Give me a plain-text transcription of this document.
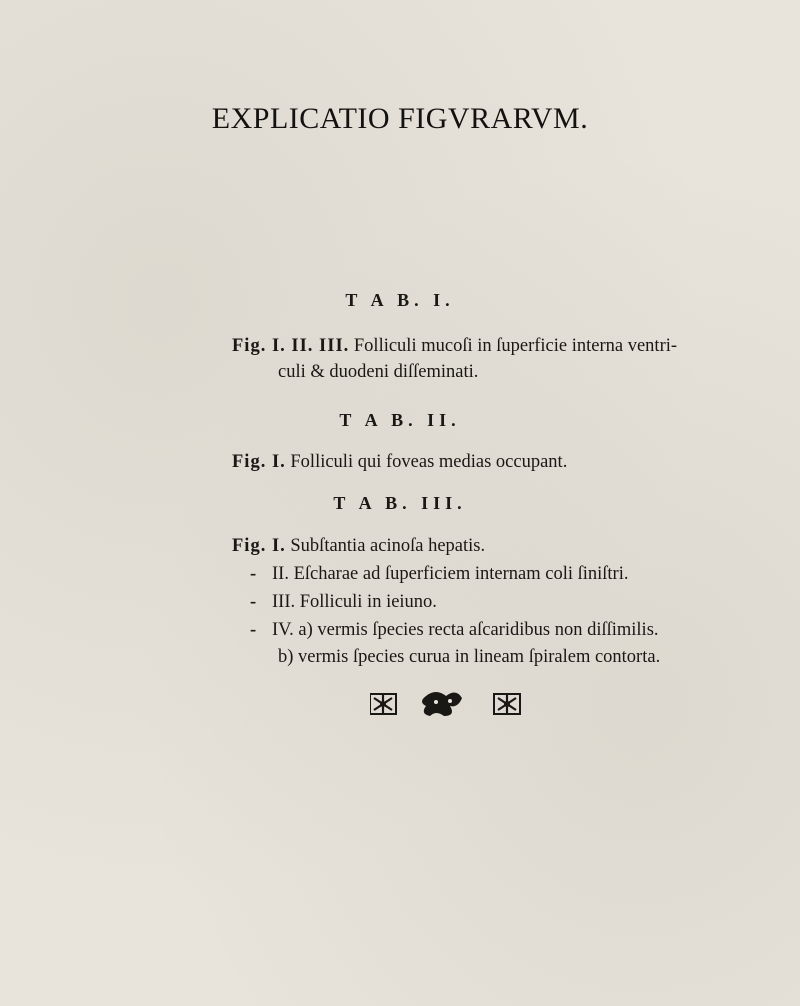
EXPLICATIO FIGVRARVM.
T A B. I.
Fig. I. II. III. Folliculi mucoſi in ſuperficie interna ventri-
culi & duodeni diſſeminati.
T A B. II.
Fig. I. Folliculi qui foveas medias occupant.
T A B. III.
Fig. I. Subſtantia acinoſa hepatis.
- II. Eſcharae ad ſuperficiem internam coli ſiniſtri.
- III. Folliculi in ieiuno.
- IV. a) vermis ſpecies recta aſcaridibus non diſſimilis.
b) vermis ſpecies curua in lineam ſpiralem contorta.
